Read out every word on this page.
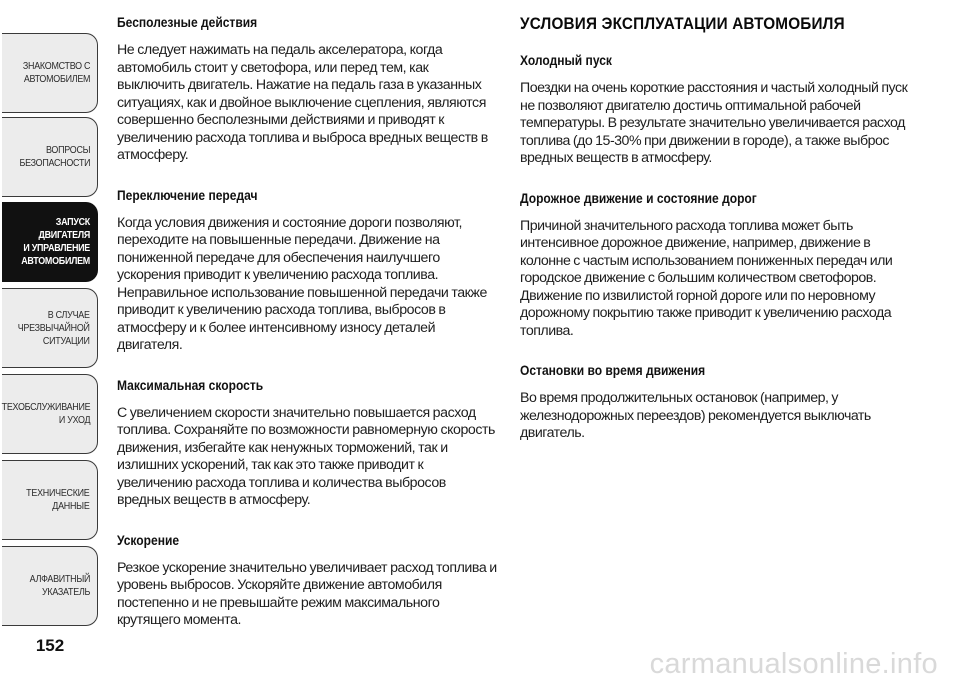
ЗНАКОМСТВО С
АВТОМОБИЛЕМ
ВОПРОСЫ
БЕЗОПАСНОСТИ
ЗАПУСК ДВИГАТЕЛЯ
И УПРАВЛЕНИЕ
АВТОМОБИЛЕМ
В СЛУЧАЕ
ЧРЕЗВЫЧАЙНОЙ
СИТУАЦИИ
ТЕХОБСЛУЖИВАНИЕ
И УХОД
ТЕХНИЧЕСКИЕ
ДАННЫЕ
АЛФАВИТНЫЙ
УКАЗАТЕЛЬ
152
Бесполезные действия

Не следует нажимать на педаль акселератора, когда автомобиль стоит у светофора, или перед тем, как выключить двигатель. Нажатие на педаль газа в указанных ситуациях, как и двойное выключение сцепления, являются совершенно бесполезными действиями и приводят к увеличению расхода топлива и выброса вредных веществ в атмосферу.

Переключение передач

Когда условия движения и состояние дороги позволяют, переходите на повышенные передачи. Движение на пониженной передаче для обеспечения наилучшего ускорения приводит к увеличению расхода топлива. Неправильное использование повышенной передачи также приводит к увеличению расхода топлива, выбросов в атмосферу и к более интенсивному износу деталей двигателя.

Максимальная скорость

С увеличением скорости значительно повышается расход топлива. Сохраняйте по возможности равномерную скорость движения, избегайте как ненужных торможений, так и излишних ускорений, так как это также приводит к увеличению расхода топлива и количества выбросов вредных веществ в атмосферу.

Ускорение

Резкое ускорение значительно увеличивает расход топлива и уровень выбросов. Ускоряйте движение автомобиля постепенно и не превышайте режим максимального крутящего момента.

УСЛОВИЯ ЭКСПЛУАТАЦИИ АВТОМОБИЛЯ
Холодный пуск

Поездки на очень короткие расстояния и частый холодный пуск не позволяют двигателю достичь оптимальной рабочей температуры. В результате значительно увеличивается расход топлива (до 15-30% при движении в городе), а также выброс вредных веществ в атмосферу.

Дорожное движение и состояние дорог

Причиной значительного расхода топлива может быть интенсивное дорожное движение, например, движение в колонне с частым использованием пониженных передач или городское движение с большим количеством светофоров. Движение по извилистой горной дороге или по неровному дорожному покрытию также приводит к увеличению расхода топлива.

Остановки во время движения

Во время продолжительных остановок (например, у железнодорожных переездов) рекомендуется выключать двигатель.

carmanualsonline.info
